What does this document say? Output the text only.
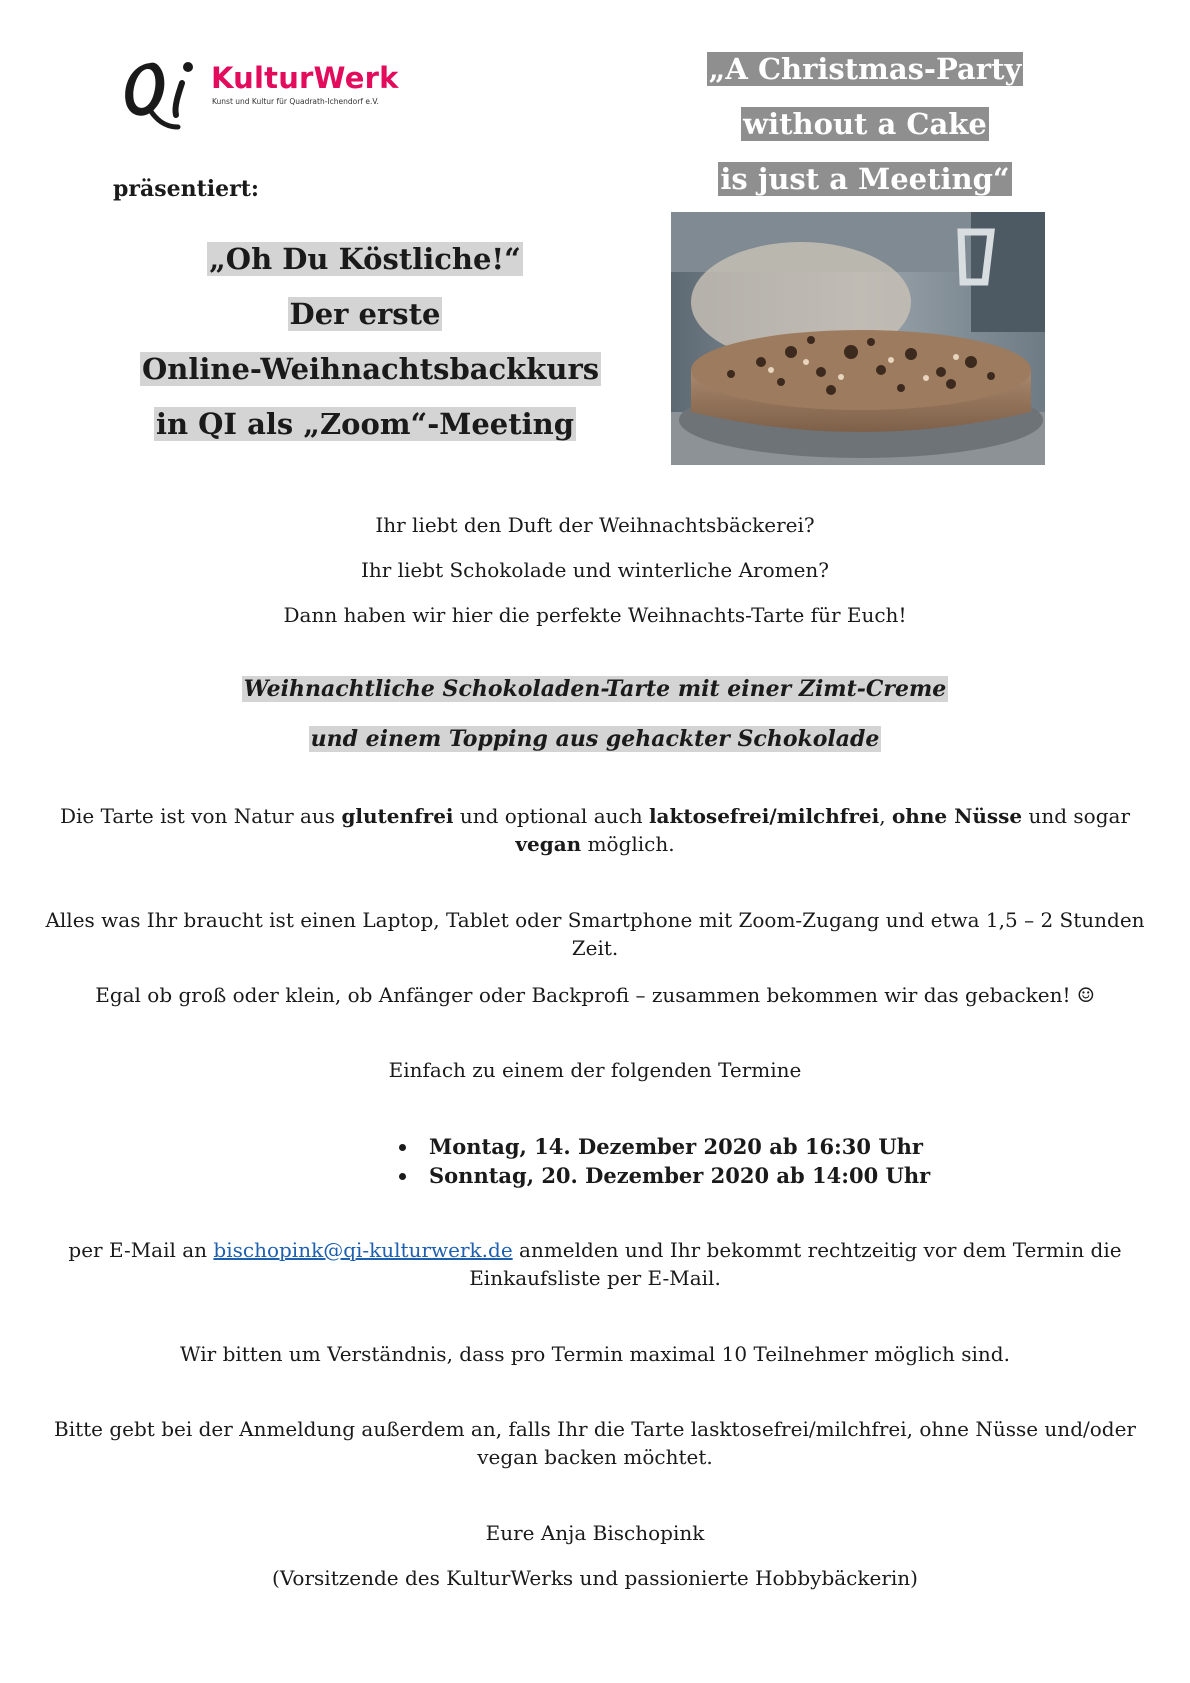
KulturWerk
Kunst und Kultur für Quadrath-Ichendorf e.V.
präsentiert:
„Oh Du Köstliche!“
Der erste
Online-Weihnachtsbackkurs
in QI als „Zoom“-Meeting
„A Christmas-Party
without a Cake
is just a Meeting“
Ihr liebt den Duft der Weihnachtsbäckerei?
Ihr liebt Schokolade und winterliche Aromen?
Dann haben wir hier die perfekte Weihnachts-Tarte für Euch!
Weihnachtliche Schokoladen-Tarte mit einer Zimt-Creme
und einem Topping aus gehackter Schokolade
Die Tarte ist von Natur aus glutenfrei und optional auch laktosefrei/milchfrei, ohne Nüsse und sogar vegan möglich.
Alles was Ihr braucht ist einen Laptop, Tablet oder Smartphone mit Zoom-Zugang und etwa 1,5 – 2 Stunden Zeit.
Egal ob groß oder klein, ob Anfänger oder Backprofi – zusammen bekommen wir das gebacken! ☺
Einfach zu einem der folgenden Termine
• Montag, 14. Dezember 2020 ab 16:30 Uhr
• Sonntag, 20. Dezember 2020 ab 14:00 Uhr
per E-Mail an bischopink@qi-kulturwerk.de anmelden und Ihr bekommt rechtzeitig vor dem Termin die Einkaufsliste per E-Mail.
Wir bitten um Verständnis, dass pro Termin maximal 10 Teilnehmer möglich sind.
Bitte gebt bei der Anmeldung außerdem an, falls Ihr die Tarte lasktosefrei/milchfrei, ohne Nüsse und/oder vegan backen möchtet.
Eure Anja Bischopink
(Vorsitzende des KulturWerks und passionierte Hobbybäckerin)
